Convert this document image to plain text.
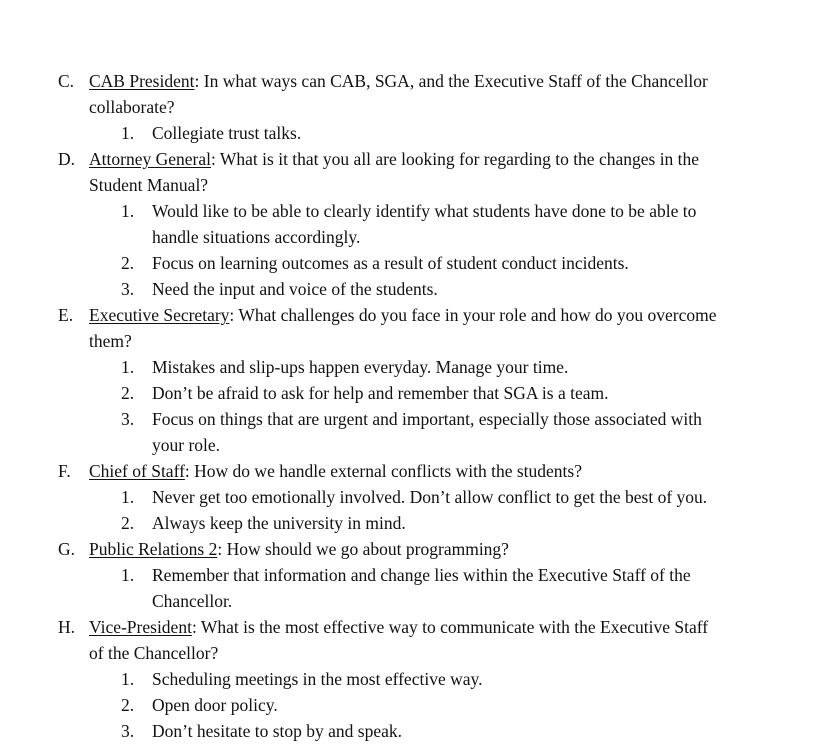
C. CAB President: In what ways can CAB, SGA, and the Executive Staff of the Chancellor
collaborate?
1. Collegiate trust talks.
D. Attorney General: What is it that you all are looking for regarding to the changes in the
Student Manual?
1. Would like to be able to clearly identify what students have done to be able to
handle situations accordingly.
2. Focus on learning outcomes as a result of student conduct incidents.
3. Need the input and voice of the students.
E. Executive Secretary: What challenges do you face in your role and how do you overcome
them?
1. Mistakes and slip-ups happen everyday. Manage your time.
2. Don’t be afraid to ask for help and remember that SGA is a team.
3. Focus on things that are urgent and important, especially those associated with
your role.
F. Chief of Staff: How do we handle external conflicts with the students?
1. Never get too emotionally involved. Don’t allow conflict to get the best of you.
2. Always keep the university in mind.
G. Public Relations 2: How should we go about programming?
1. Remember that information and change lies within the Executive Staff of the
Chancellor.
H. Vice-President: What is the most effective way to communicate with the Executive Staff
of the Chancellor?
1. Scheduling meetings in the most effective way.
2. Open door policy.
3. Don’t hesitate to stop by and speak.
